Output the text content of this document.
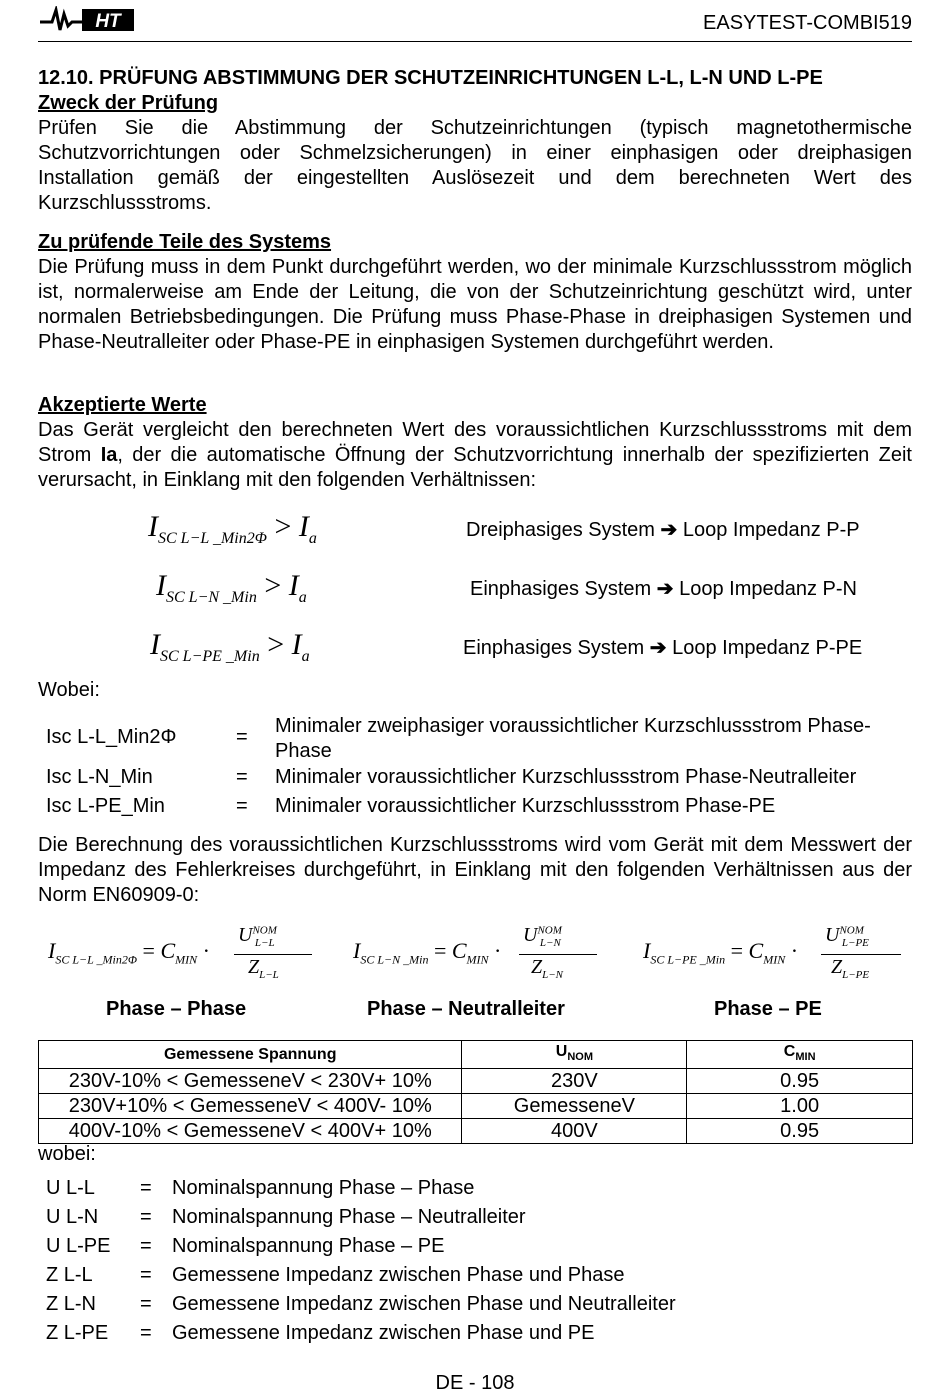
HT	EASYTEST-COMBI519
12.10. PRÜFUNG ABSTIMMUNG DER SCHUTZEINRICHTUNGEN L-L, L-N UND L-PE
Zweck der Prüfung
Prüfen Sie die Abstimmung der Schutzeinrichtungen (typisch magnetothermische Schutzvorrichtungen oder Schmelzsicherungen) in einer einphasigen oder dreiphasigen Installation gemäß der eingestellten Auslösezeit und dem berechneten Wert des Kurzschlussstroms.
Zu prüfende Teile des Systems
Die Prüfung muss in dem Punkt durchgeführt werden, wo der minimale Kurzschlussstrom möglich ist, normalerweise am Ende der Leitung, die von der Schutzeinrichtung geschützt wird, unter normalen Betriebsbedingungen. Die Prüfung muss Phase-Phase in dreiphasigen Systemen und Phase-Neutralleiter oder Phase-PE in einphasigen Systemen durchgeführt werden.
Akzeptierte Werte
Das Gerät vergleicht den berechneten Wert des voraussichtlichen Kurzschlussstroms mit dem Strom Ia, der die automatische Öffnung der Schutzvorrichtung innerhalb der spezifizierten Zeit verursacht, in Einklang mit den folgenden Verhältnissen:
$I_{SC L-L \_Min2\Phi} > I_a$	Dreiphasiges System ➔ Loop Impedanz P-P
$I_{SC L-N \_Min} > I_a$	Einphasiges System ➔ Loop Impedanz P-N
$I_{SC L-PE \_Min} > I_a$	Einphasiges System ➔ Loop Impedanz P-PE
Wobei:
Isc L-L_Min2Φ	= Minimaler zweiphasiger voraussichtlicher Kurzschlussstrom Phase-Phase
Isc L-N_Min	= Minimaler voraussichtlicher Kurzschlussstrom Phase-Neutralleiter
Isc L-PE_Min	= Minimaler voraussichtlicher Kurzschlussstrom Phase-PE
Die Berechnung des voraussichtlichen Kurzschlussstroms wird vom Gerät mit dem Messwert der Impedanz des Fehlerkreises durchgeführt, in Einklang mit den folgenden Verhältnissen aus der Norm EN60909-0:
$I_{SC L-L \_Min2\Phi} = C_{MIN}$ ·
$U^{NOM}_{L-L}$
$Z_{L-L}$
$I_{SC L-N \_Min} = C_{MIN}$ ·
$U^{NOM}_{L-N}$
$Z_{L-N}$
$I_{SC L-PE \_Min} = C_{MIN}$ ·
$U^{NOM}_{L-PE}$
$Z_{L-PE}$
Phase – Phase	Phase – Neutralleiter	Phase – PE
Gemessene Spannung	$U_{NOM}$	$C_{MIN}$
230V-10% < GemesseneV < 230V+ 10%	230V	0.95
230V+10% < GemesseneV < 400V- 10%	GemesseneV	1.00
400V-10% < GemesseneV < 400V+ 10%	400V	0.95
wobei:
U L-L = Nominalspannung Phase – Phase
U L-N = Nominalspannung Phase – Neutralleiter
U L-PE = Nominalspannung Phase – PE
Z L-L = Gemessene Impedanz zwischen Phase und Phase
Z L-N = Gemessene Impedanz zwischen Phase und Neutralleiter
Z L-PE = Gemessene Impedanz zwischen Phase und PE
DE - 108
